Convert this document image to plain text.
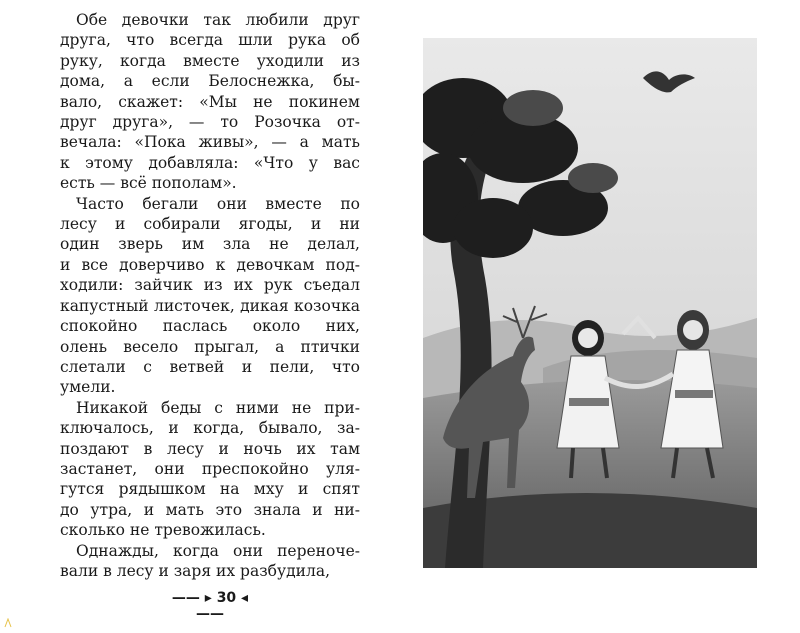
Обе девочки так любили друг
друга, что всегда шли рука об
руку, когда вместе уходили из
дома, а если Белоснежка, бы-
вало, скажет: «Мы не покинем
друг друга», — то Розочка от-
вечала: «Пока живы», — а мать
к этому добавляла: «Что у вас
есть — всё пополам».
Часто бегали они вместе по
лесу и собирали ягоды, и ни
один зверь им зла не делал,
и все доверчиво к девочкам под-
ходили: зайчик из их рук съедал
капустный листочек, дикая козочка
спокойно паслась около них,
олень весело прыгал, а птички
слетали с ветвей и пели, что
умели.
Никакой беды с ними не при-
ключалось, и когда, бывало, за-
поздают в лесу и ночь их там
застанет, они преспокойно уля-
гутся рядышком на мху и спят
до утра, и мать это знала и ни-
сколько не тревожилась.
Однажды, когда они переноче-
вали в лесу и заря их разбудила,
—— ▸ 30 ◂ ——
